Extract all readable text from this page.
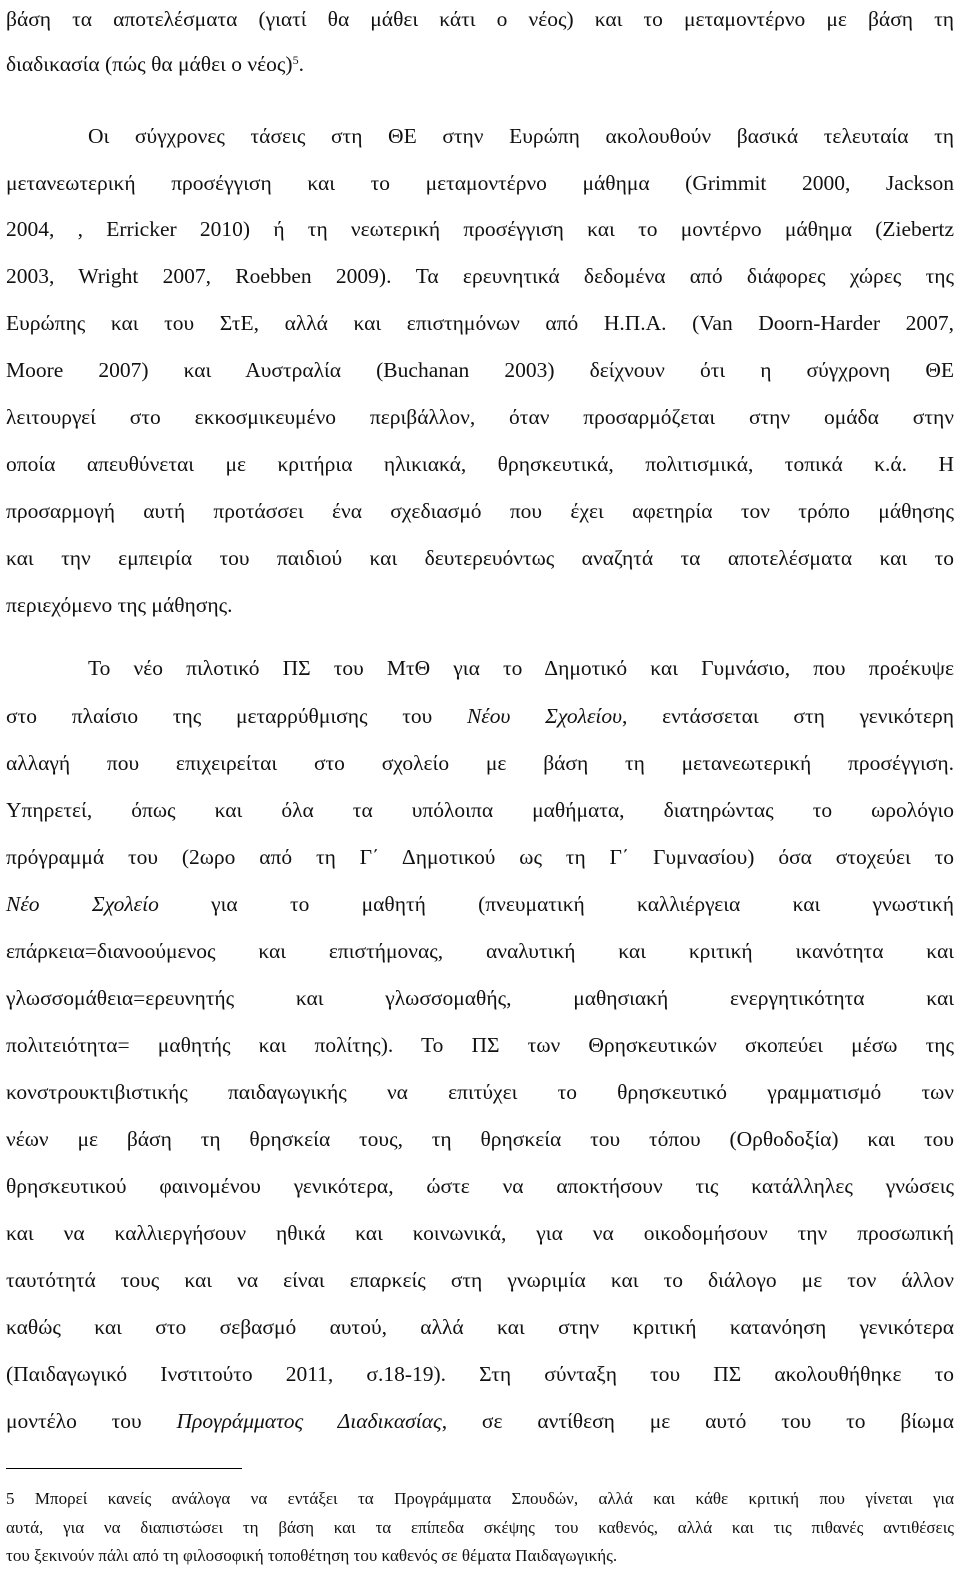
βάση τα αποτελέσματα (γιατί θα μάθει κάτι ο νέος) και το μεταμοντέρνο με βάση τη
διαδικασία (πώς θα μάθει ο νέος)$^5$.
Οι σύγχρονες τάσεις στη ΘΕ στην Ευρώπη ακολουθούν βασικά τελευταία τη
μετανεωτερική προσέγγιση και το μεταμοντέρνο μάθημα (Grimmit 2000, Jackson
2004, , Erricker 2010) ή τη νεωτερική προσέγγιση και το μοντέρνο μάθημα (Ziebertz
2003, Wright 2007, Roebben 2009). Τα ερευνητικά δεδομένα από διάφορες χώρες της
Ευρώπης και του ΣτΕ, αλλά και επιστημόνων από Η.Π.Α. (Van Doorn-Harder 2007,
Moore 2007) και Αυστραλία (Buchanan 2003) δείχνουν ότι η σύγχρονη ΘΕ
λειτουργεί στο εκκοσμικευμένο περιβάλλον, όταν προσαρμόζεται στην ομάδα στην
οποία απευθύνεται με κριτήρια ηλικιακά, θρησκευτικά, πολιτισμικά, τοπικά κ.ά. Η
προσαρμογή αυτή προτάσσει ένα σχεδιασμό που έχει αφετηρία τον τρόπο μάθησης
και την εμπειρία του παιδιού και δευτερευόντως αναζητά τα αποτελέσματα και το
περιεχόμενο της μάθησης.
Το νέο πιλοτικό ΠΣ του ΜτΘ για το Δημοτικό και Γυμνάσιο, που προέκυψε
στο πλαίσιο της μεταρρύθμισης του Νέου Σχολείου, εντάσσεται στη γενικότερη
αλλαγή που επιχειρείται στο σχολείο με βάση τη μετανεωτερική προσέγγιση.
Υπηρετεί, όπως και όλα τα υπόλοιπα μαθήματα, διατηρώντας το ωρολόγιο
πρόγραμμά του (2ωρο από τη Γ΄ Δημοτικού ως τη Γ΄ Γυμνασίου) όσα στοχεύει το
Νέο Σχολείο για το μαθητή (πνευματική καλλιέργεια και γνωστική
επάρκεια=διανοούμενος και επιστήμονας, αναλυτική και κριτική ικανότητα και
γλωσσομάθεια=ερευνητής και γλωσσομαθής, μαθησιακή ενεργητικότητα και
πολιτειότητα= μαθητής και πολίτης). Το ΠΣ των Θρησκευτικών σκοπεύει μέσω της
κονστρουκτιβιστικής παιδαγωγικής να επιτύχει το θρησκευτικό γραμματισμό των
νέων με βάση τη θρησκεία τους, τη θρησκεία του τόπου (Ορθοδοξία) και του
θρησκευτικού φαινομένου γενικότερα, ώστε να αποκτήσουν τις κατάλληλες γνώσεις
και να καλλιεργήσουν ηθικά και κοινωνικά, για να οικοδομήσουν την προσωπική
ταυτότητά τους και να είναι επαρκείς στη γνωριμία και το διάλογο με τον άλλον
καθώς και στο σεβασμό αυτού, αλλά και στην κριτική κατανόηση γενικότερα
(Παιδαγωγικό Ινστιτούτο 2011, σ.18-19). Στη σύνταξη του ΠΣ ακολουθήθηκε το
μοντέλο του Προγράμματος Διαδικασίας, σε αντίθεση με αυτό του το βίωμα
5 Μπορεί κανείς ανάλογα να εντάξει τα Προγράμματα Σπουδών, αλλά και κάθε κριτική που γίνεται για
αυτά, για να διαπιστώσει τη βάση και τα επίπεδα σκέψης του καθενός, αλλά και τις πιθανές αντιθέσεις
του ξεκινούν πάλι από τη φιλοσοφική τοποθέτηση του καθενός σε θέματα Παιδαγωγικής.
